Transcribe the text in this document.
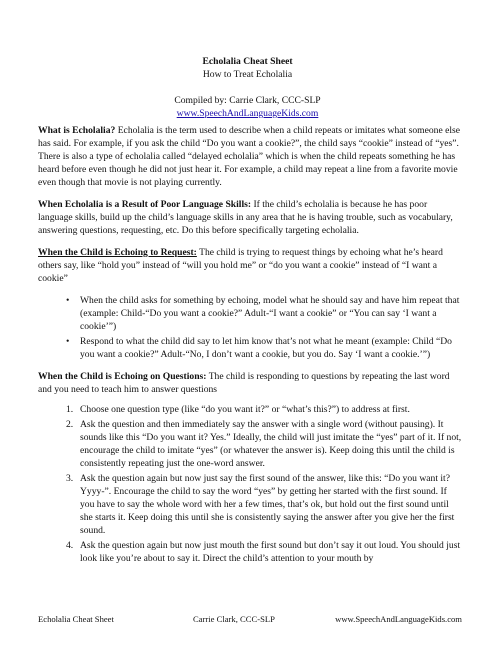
Echolalia Cheat Sheet
How to Treat Echolalia
Compiled by: Carrie Clark, CCC-SLP
www.SpeechAndLanguageKids.com

What is Echolalia? Echolalia is the term used to describe when a child repeats or imitates what someone else has said. For example, if you ask the child “Do you want a cookie?”, the child says “cookie” instead of “yes”. There is also a type of echolalia called “delayed echolalia” which is when the child repeats something he has heard before even though he did not just hear it. For example, a child may repeat a line from a favorite movie even though that movie is not playing currently.

When Echolalia is a Result of Poor Language Skills: If the child’s echolalia is because he has poor language skills, build up the child’s language skills in any area that he is having trouble, such as vocabulary, answering questions, requesting, etc. Do this before specifically targeting echolalia.

When the Child is Echoing to Request: The child is trying to request things by echoing what he’s heard others say, like “hold you” instead of “will you hold me” or “do you want a cookie” instead of “I want a cookie”

• When the child asks for something by echoing, model what he should say and have him repeat that (example: Child-“Do you want a cookie?” Adult-“I want a cookie” or “You can say ‘I want a cookie’”)
• Respond to what the child did say to let him know that’s not what he meant (example: Child “Do you want a cookie?” Adult-“No, I don’t want a cookie, but you do. Say ‘I want a cookie.’”)

When the Child is Echoing on Questions: The child is responding to questions by repeating the last word and you need to teach him to answer questions

1. Choose one question type (like “do you want it?” or “what’s this?”) to address at first.
2. Ask the question and then immediately say the answer with a single word (without pausing). It sounds like this “Do you want it? Yes.” Ideally, the child will just imitate the “yes” part of it. If not, encourage the child to imitate “yes” (or whatever the answer is). Keep doing this until the child is consistently repeating just the one-word answer.
3. Ask the question again but now just say the first sound of the answer, like this: “Do you want it? Yyyy-”. Encourage the child to say the word “yes” by getting her started with the first sound. If you have to say the whole word with her a few times, that’s ok, but hold out the first sound until she starts it. Keep doing this until she is consistently saying the answer after you give her the first sound.
4. Ask the question again but now just mouth the first sound but don’t say it out loud. You should just look like you’re about to say it. Direct the child’s attention to your mouth by
Echolalia Cheat Sheet	Carrie Clark, CCC-SLP	www.SpeechAndLanguageKids.com
